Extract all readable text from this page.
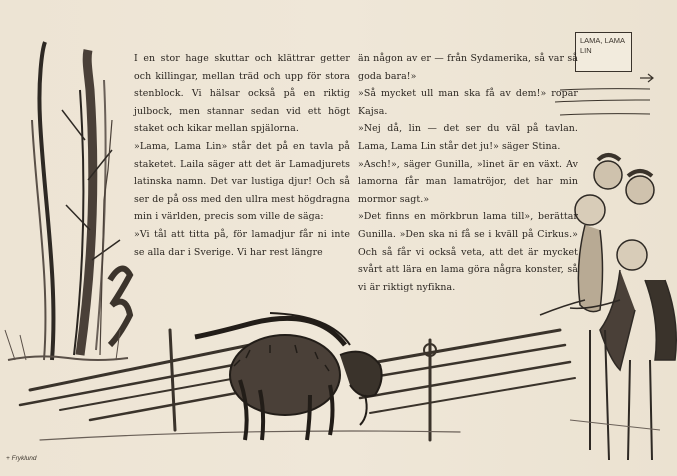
LAMA, LAMA
LIN

I en stor hage skuttar och klättrar getter och killingar, mellan träd och upp för stora stenblock. Vi hälsar också på en riktig julbock, men stannar sedan vid ett högt staket och kikar mellan spjälorna.

»Lama, Lama Lin» står det på en tavla på staketet. Laila säger att det är Lamadjurets latinska namn. Det var lustiga djur! Och så ser de på oss med den ullra mest högdragna min i världen, precis som ville de säga:

»Vi tål att titta på, för lamadjur får ni inte se alla dar i Sverige. Vi har rest längre

än någon av er — från Sydamerika, så var så goda bara!»

»Så mycket ull man ska få av dem!» ropar Kajsa.

»Nej då, lin — det ser du väl på tavlan. Lama, Lama Lin står det ju!» säger Stina.

»Asch!», säger Gunilla, »linet är en växt. Av lamorna får man lamatröjor, det har min mormor sagt.»

»Det finns en mörkbrun lama till», berättar Gunilla. »Den ska ni få se i kväll på Cirkus.» Och så får vi också veta, att det är mycket svårt att lära en lama göra några konster, så vi är riktigt nyfikna.

+ Fryklund
